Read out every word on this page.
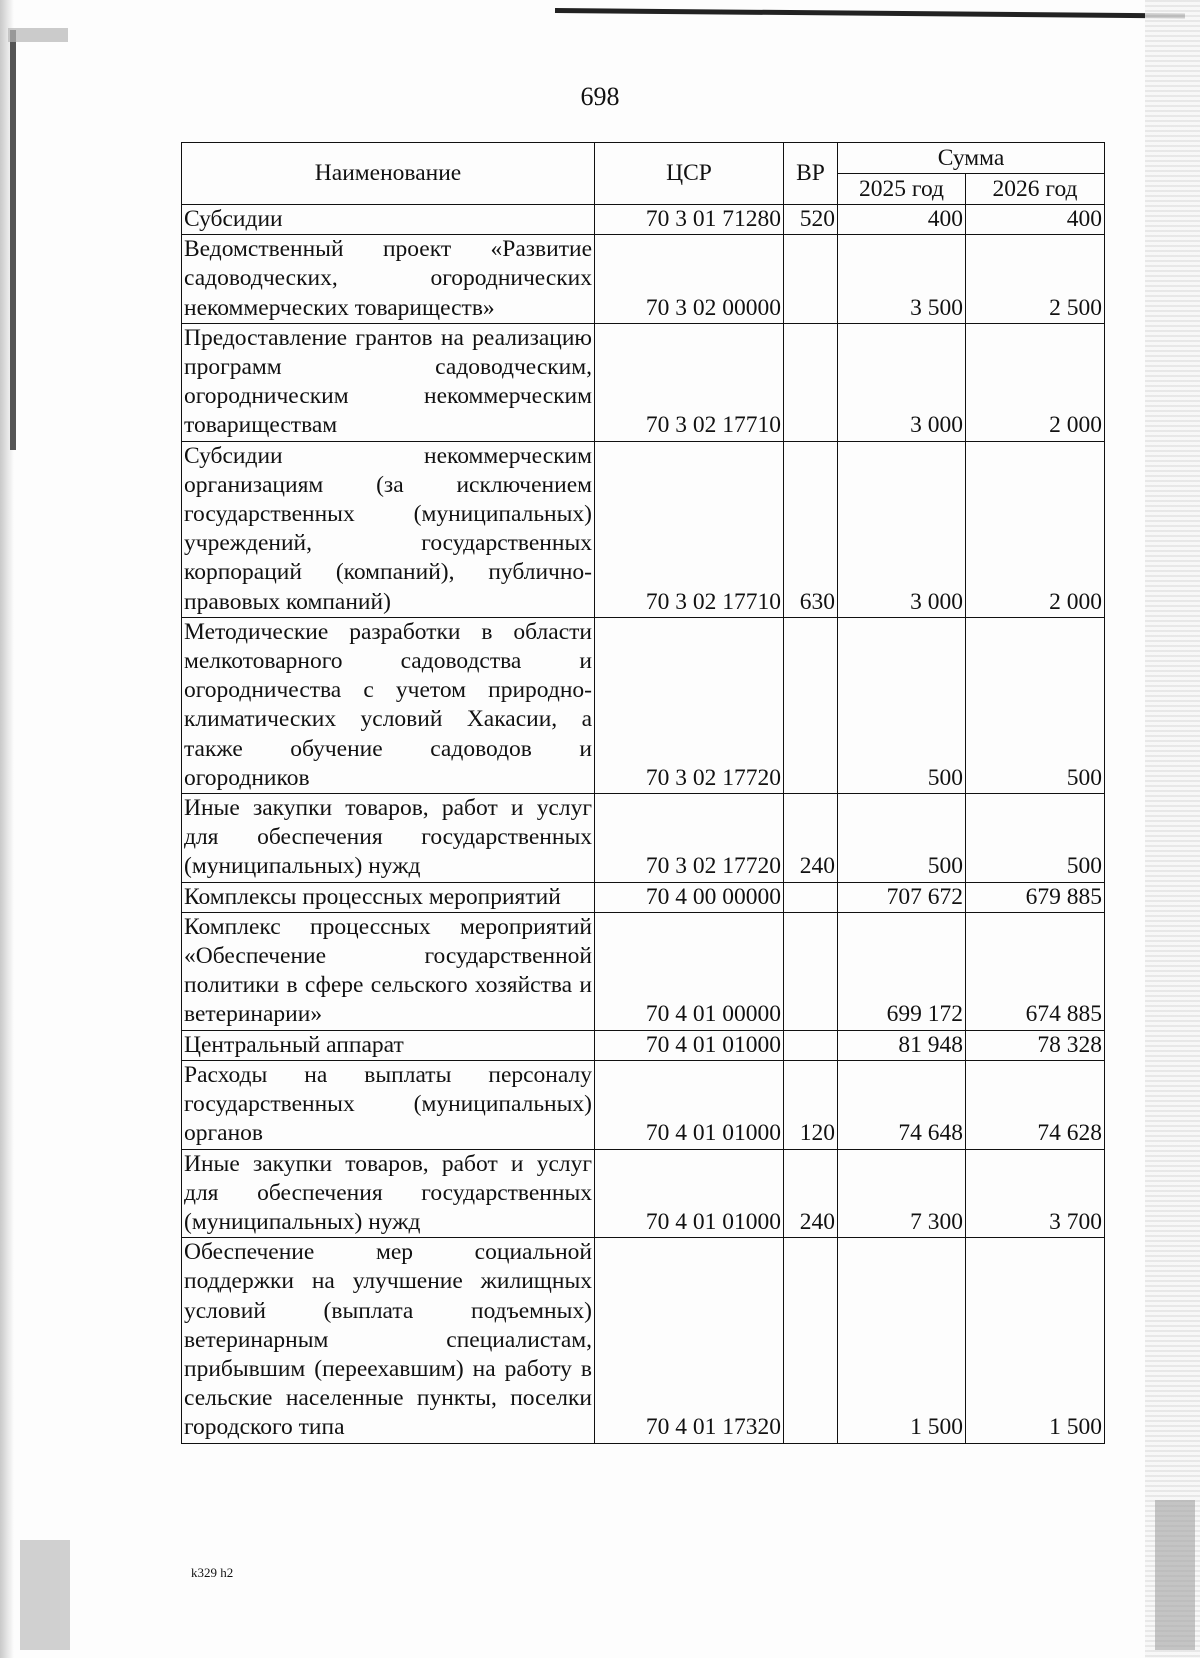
698
Наименование	ЦСР	ВР	Сумма	
			2025 год	2026 год
Субсидии	70 3 01 71280	520	400	400
Ведомственный проект «Развитие садоводческих, огороднических некоммерческих товариществ»	70 3 02 00000		3 500	2 500
Предоставление грантов на реализацию программ садоводческим, огородническим некоммерческим товариществам	70 3 02 17710		3 000	2 000
Субсидии некоммерческим организациям (за исключением государственных (муниципальных) учреждений, государственных корпораций (компаний), публично-правовых компаний)	70 3 02 17710	630	3 000	2 000
Методические разработки в области мелкотоварного садоводства и огородничества с учетом природно-климатических условий Хакасии, а также обучение садоводов и огородников	70 3 02 17720		500	500
Иные закупки товаров, работ и услуг для обеспечения государственных (муниципальных) нужд	70 3 02 17720	240	500	500
Комплексы процессных мероприятий	70 4 00 00000		707 672	679 885
Комплекс процессных мероприятий «Обеспечение государственной политики в сфере сельского хозяйства и ветеринарии»	70 4 01 00000		699 172	674 885
Центральный аппарат	70 4 01 01000		81 948	78 328
Расходы на выплаты персоналу государственных (муниципальных) органов	70 4 01 01000	120	74 648	74 628
Иные закупки товаров, работ и услуг для обеспечения государственных (муниципальных) нужд	70 4 01 01000	240	7 300	3 700
Обеспечение мер социальной поддержки на улучшение жилищных условий (выплата подъемных) ветеринарным специалистам, прибывшим (переехавшим) на работу в сельские населенные пункты, поселки городского типа	70 4 01 17320		1 500	1 500
k329 h2
